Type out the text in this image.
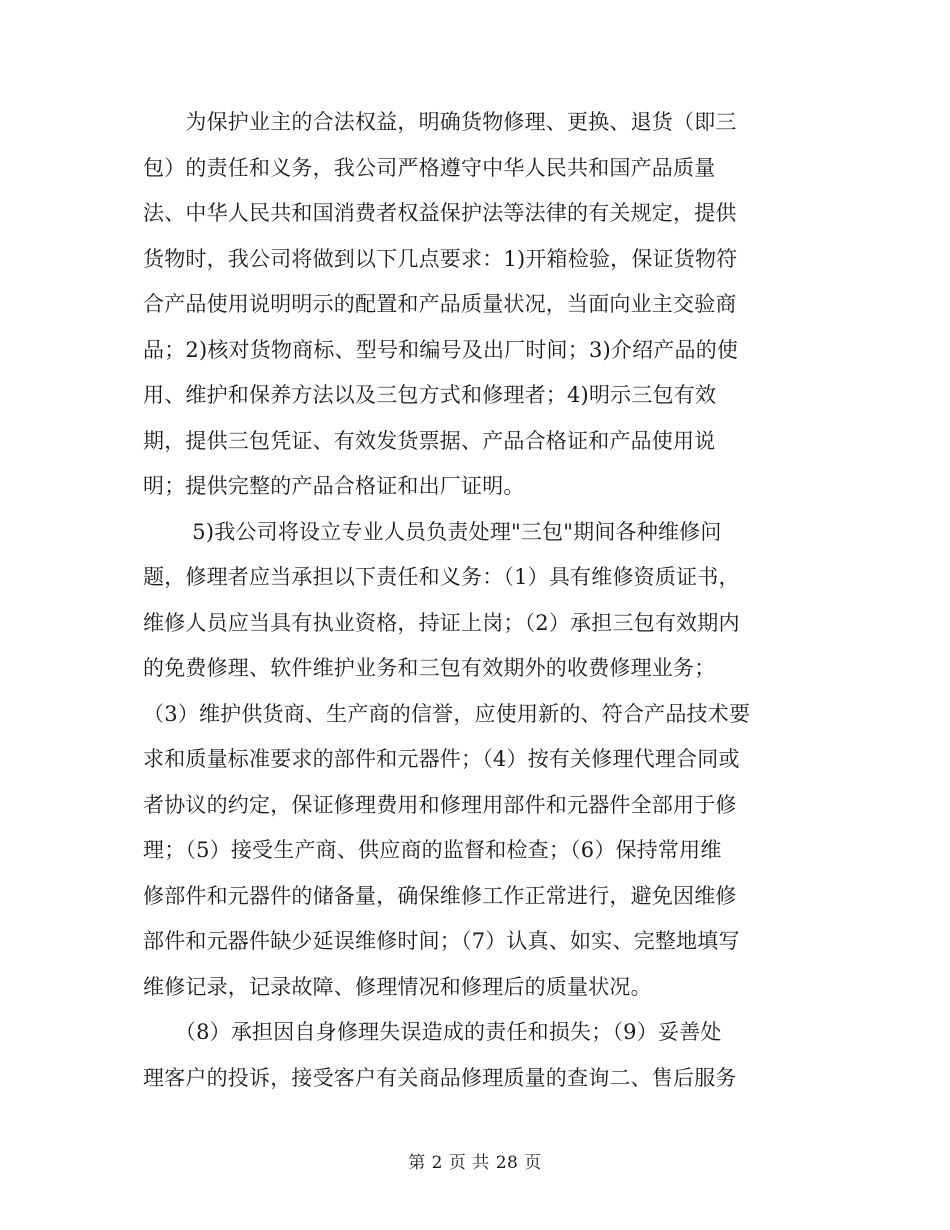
　　为保护业主的合法权益，明确货物修理、更换、退货（即三
包）的责任和义务，我公司严格遵守中华人民共和国产品质量
法、中华人民共和国消费者权益保护法等法律的有关规定，提供
货物时，我公司将做到以下几点要求：1)开箱检验，保证货物符
合产品使用说明明示的配置和产品质量状况，当面向业主交验商
品；2)核对货物商标、型号和编号及出厂时间；3)介绍产品的使
用、维护和保养方法以及三包方式和修理者；4)明示三包有效
期，提供三包凭证、有效发货票据、产品合格证和产品使用说
明；提供完整的产品合格证和出厂证明。
　　 5)我公司将设立专业人员负责处理"三包"期间各种维修问
题，修理者应当承担以下责任和义务：（1）具有维修资质证书，
维修人员应当具有执业资格，持证上岗；（2）承担三包有效期内
的免费修理、软件维护业务和三包有效期外的收费修理业务；
（3）维护供货商、生产商的信誉，应使用新的、符合产品技术要
求和质量标准要求的部件和元器件；（4）按有关修理代理合同或
者协议的约定，保证修理费用和修理用部件和元器件全部用于修
理；（5）接受生产商、供应商的监督和检查；（6）保持常用维
修部件和元器件的储备量，确保维修工作正常进行，避免因维修
部件和元器件缺少延误维修时间；（7）认真、如实、完整地填写
维修记录，记录故障、修理情况和修理后的质量状况。
　　（8）承担因自身修理失误造成的责任和损失；（9）妥善处
理客户的投诉，接受客户有关商品修理质量的查询二、售后服务
第 2 页 共 28 页
